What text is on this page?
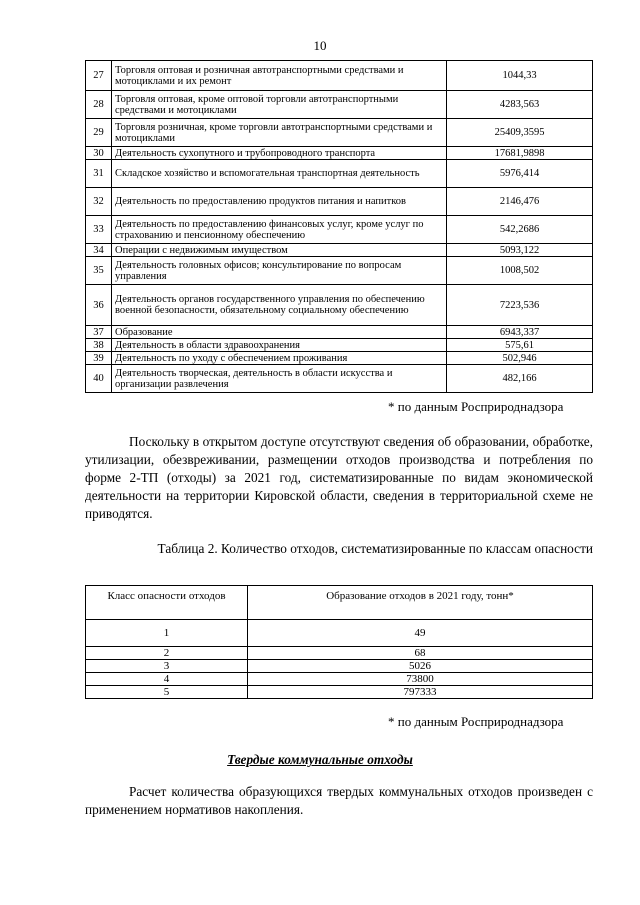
10
27	Торговля оптовая и розничная автотранспортными средствами и мотоциклами и их ремонт	1044,33
28	Торговля оптовая, кроме оптовой торговли автотранспортными средствами и мотоциклами	4283,563
29	Торговля розничная, кроме торговли автотранспортными средствами и мотоциклами	25409,3595
30	Деятельность сухопутного и трубопроводного транспорта	17681,9898
31	Складское хозяйство и вспомогательная транспортная деятельность	5976,414
32	Деятельность по предоставлению продуктов питания и напитков	2146,476
33	Деятельность по предоставлению финансовых услуг, кроме услуг по страхованию и пенсионному обеспечению	542,2686
34	Операции с недвижимым имуществом	5093,122
35	Деятельность головных офисов; консультирование по вопросам управления	1008,502
36	Деятельность органов государственного управления по обеспечению военной безопасности, обязательному социальному обеспечению	7223,536
37	Образование	6943,337
38	Деятельность в области здравоохранения	575,61
39	Деятельность по уходу с обеспечением проживания	502,946
40	Деятельность творческая, деятельность в области искусства и организации развлечения	482,166
* по данным Росприроднадзора
Поскольку в открытом доступе отсутствуют сведения об образовании, обработке, утилизации, обезвреживании, размещении отходов производства и потребления по форме 2-ТП (отходы) за 2021 год, систематизированные по видам экономической деятельности на территории Кировской области, сведения в территориальной схеме не приводятся.
Таблица 2. Количество отходов, систематизированные по классам опасности
Класс опасности отходов	Образование отходов в 2021 году, тонн*
1	49
2	68
3	5026
4	73800
5	797333
* по данным Росприроднадзора
Твердые коммунальные отходы
Расчет количества образующихся твердых коммунальных отходов произведен с применением нормативов накопления.
